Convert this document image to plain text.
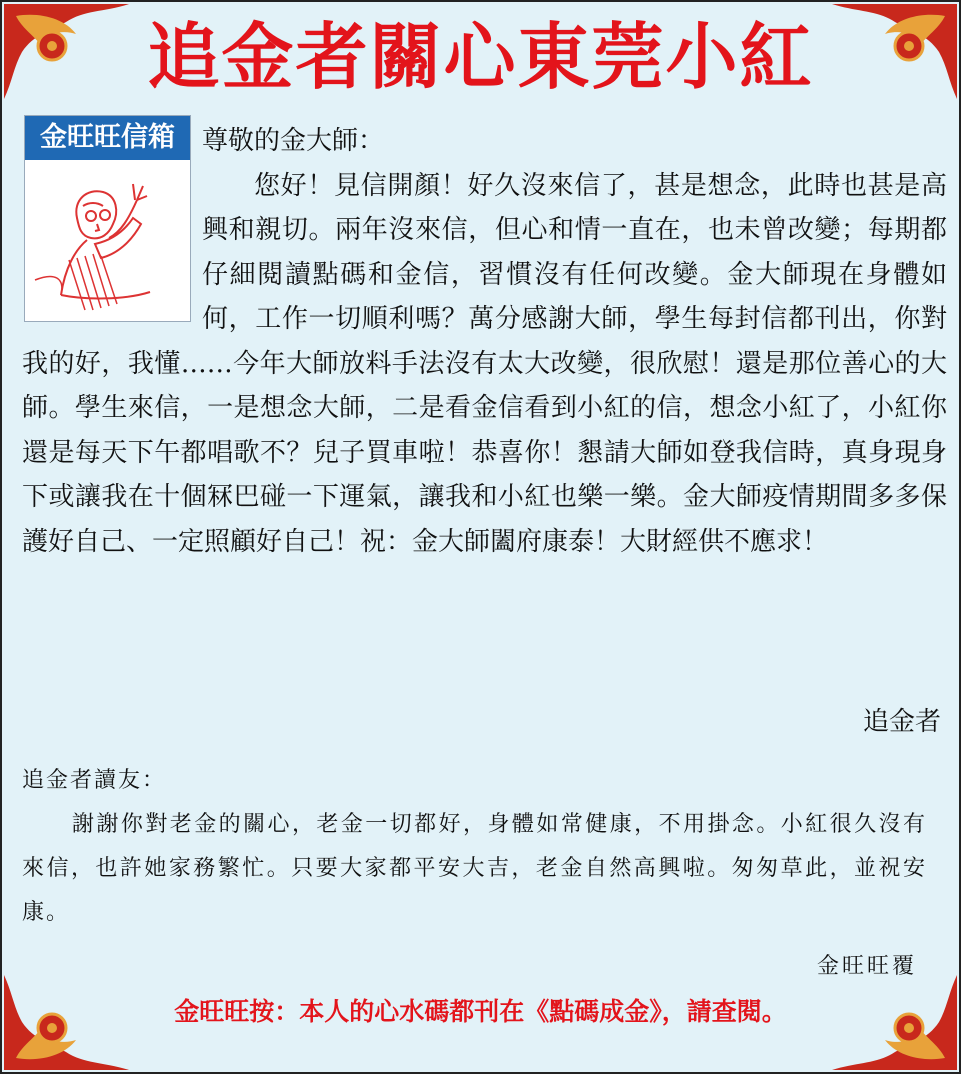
追金者關心東莞小紅
金旺旺信箱	尊敬的金大師：

您好！見信開顏！好久沒來信了，甚是想念，此時也甚是高興和親切。兩年沒來信，但心和情一直在，也未曾改變；每期都仔細閱讀點碼和金信，習慣沒有任何改變。金大師現在身體如何，工作一切順利嗎？萬分感謝大師，學生每封信都刊出，你對我的好，我懂……今年大師放料手法沒有太大改變，很欣慰！還是那位善心的大師。學生來信，一是想念大師，二是看金信看到小紅的信，想念小紅了，小紅你還是每天下午都唱歌不？兒子買車啦！恭喜你！懇請大師如登我信時，真身現身下或讓我在十個冧巴碰一下運氣，讓我和小紅也樂一樂。金大師疫情期間多多保護好自己、一定照顧好自己！祝：金大師闔府康泰！大財經供不應求！

追金者

追金者讀友：

謝謝你對老金的關心，老金一切都好，身體如常健康，不用掛念。小紅很久沒有來信，也許她家務繁忙。只要大家都平安大吉，老金自然高興啦。匆匆草此，並祝安康。

金旺旺覆
金旺旺按：本人的心水碼都刊在《點碼成金》，請查閱。
